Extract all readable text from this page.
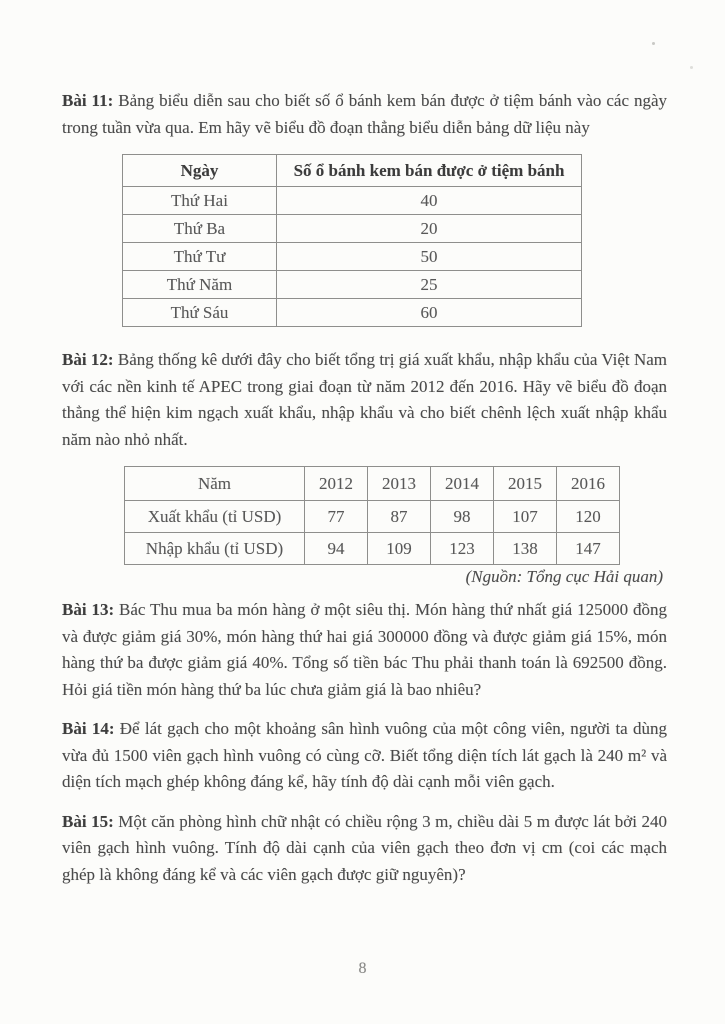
Bài 11: Bảng biểu diễn sau cho biết số ổ bánh kem bán được ở tiệm bánh vào các ngày trong tuần vừa qua. Em hãy vẽ biểu đồ đoạn thẳng biểu diễn bảng dữ liệu này

Ngày	Số ổ bánh kem bán được ở tiệm bánh
Thứ Hai	40
Thứ Ba	20
Thứ Tư	50
Thứ Năm	25
Thứ Sáu	60

Bài 12: Bảng thống kê dưới đây cho biết tổng trị giá xuất khẩu, nhập khẩu của Việt Nam với các nền kinh tế APEC trong giai đoạn từ năm 2012 đến 2016. Hãy vẽ biểu đồ đoạn thẳng thể hiện kim ngạch xuất khẩu, nhập khẩu và cho biết chênh lệch xuất nhập khẩu năm nào nhỏ nhất.

Năm	2012	2013	2014	2015	2016
Xuất khẩu (tỉ USD)	77	87	98	107	120
Nhập khẩu (tỉ USD)	94	109	123	138	147

(Nguồn: Tổng cục Hải quan)

Bài 13: Bác Thu mua ba món hàng ở một siêu thị. Món hàng thứ nhất giá 125000 đồng và được giảm giá 30%, món hàng thứ hai giá 300000 đồng và được giảm giá 15%, món hàng thứ ba được giảm giá 40%. Tổng số tiền bác Thu phải thanh toán là 692500 đồng. Hỏi giá tiền món hàng thứ ba lúc chưa giảm giá là bao nhiêu?

Bài 14: Để lát gạch cho một khoảng sân hình vuông của một công viên, người ta dùng vừa đủ 1500 viên gạch hình vuông có cùng cỡ. Biết tổng diện tích lát gạch là 240 m² và diện tích mạch ghép không đáng kể, hãy tính độ dài cạnh mỗi viên gạch.

Bài 15: Một căn phòng hình chữ nhật có chiều rộng 3 m, chiều dài 5 m được lát bởi 240 viên gạch hình vuông. Tính độ dài cạnh của viên gạch theo đơn vị cm (coi các mạch ghép là không đáng kể và các viên gạch được giữ nguyên)?

8
